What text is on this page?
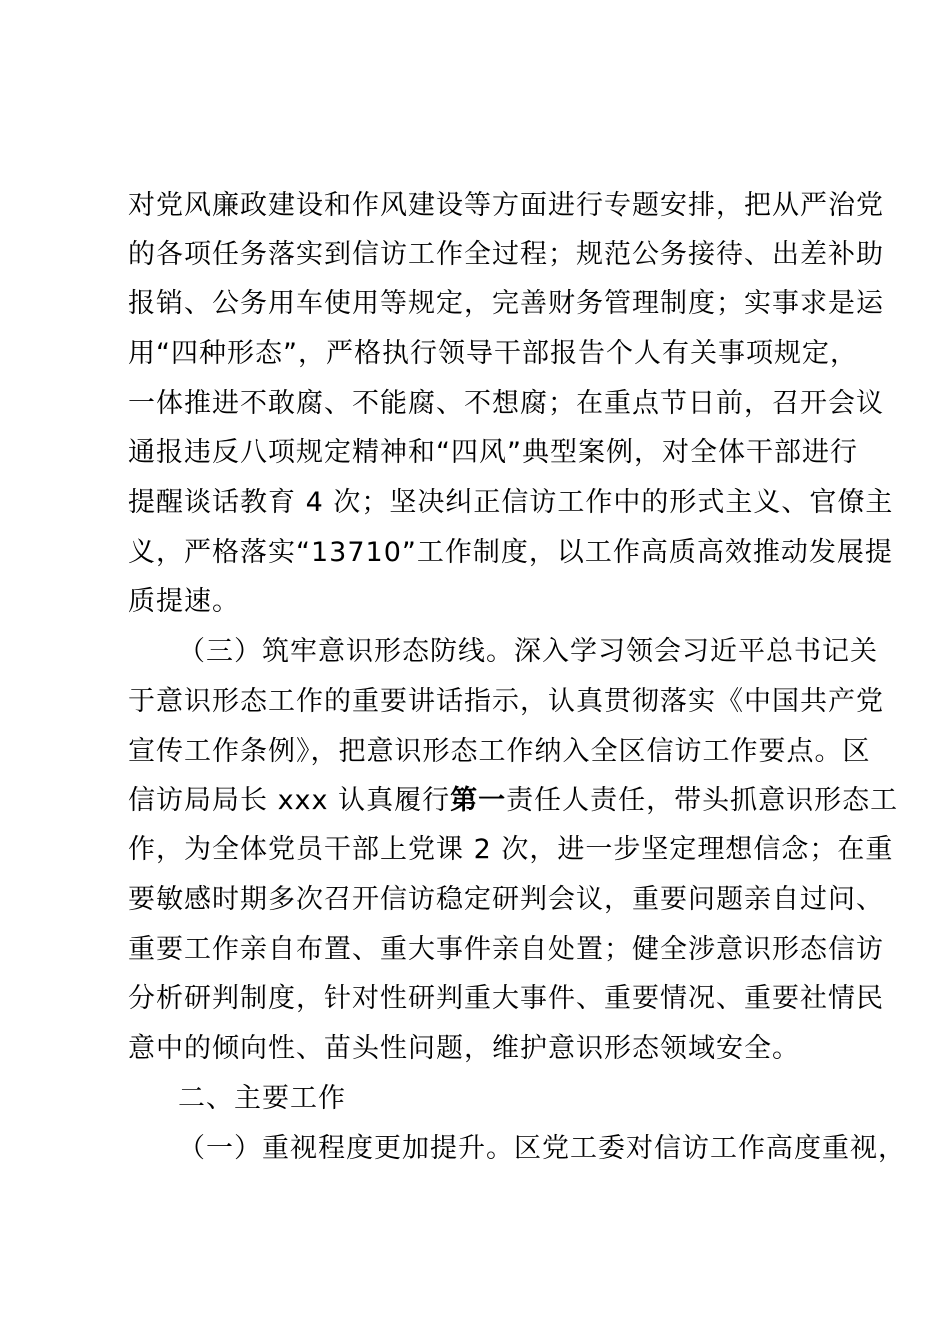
对党风廉政建设和作风建设等方面进行专题安排，把从严治党
的各项任务落实到信访工作全过程；规范公务接待、出差补助
报销、公务用车使用等规定，完善财务管理制度；实事求是运
用“四种形态”，严格执行领导干部报告个人有关事项规定，
一体推进不敢腐、不能腐、不想腐；在重点节日前，召开会议
通报违反八项规定精神和“四风”典型案例，对全体干部进行
提醒谈话教育 4 次；坚决纠正信访工作中的形式主义、官僚主
义，严格落实“13710”工作制度，以工作高质高效推动发展提
质提速。
（三）筑牢意识形态防线。深入学习领会习近平总书记关
于意识形态工作的重要讲话指示，认真贯彻落实《中国共产党
宣传工作条例》，把意识形态工作纳入全区信访工作要点。区
信访局局长 xxx 认真履行第一责任人责任，带头抓意识形态工
作，为全体党员干部上党课 2 次，进一步坚定理想信念；在重
要敏感时期多次召开信访稳定研判会议，重要问题亲自过问、
重要工作亲自布置、重大事件亲自处置；健全涉意识形态信访
分析研判制度，针对性研判重大事件、重要情况、重要社情民
意中的倾向性、苗头性问题，维护意识形态领域安全。
二、主要工作
（一）重视程度更加提升。区党工委对信访工作高度重视，
